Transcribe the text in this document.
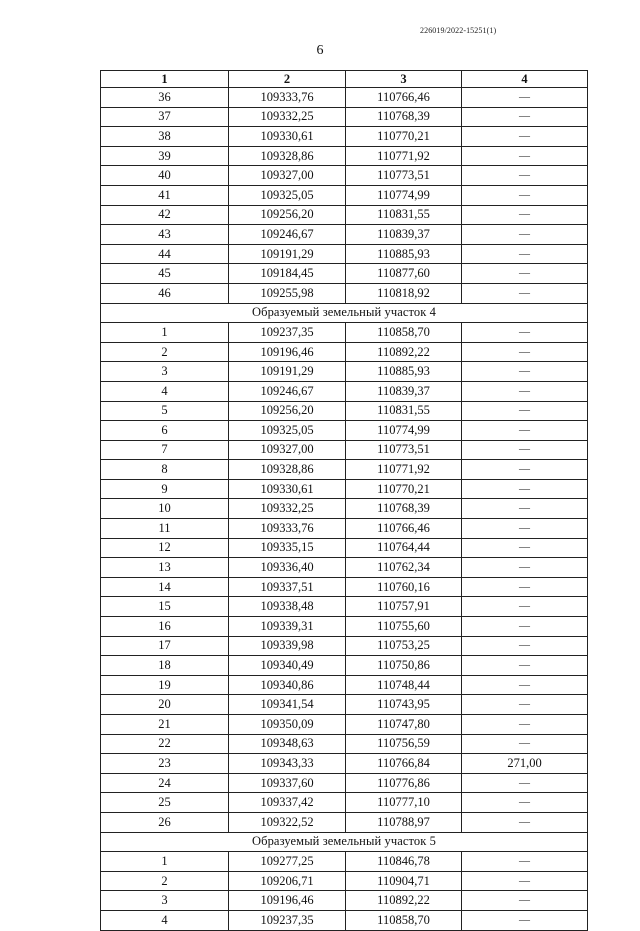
226019/2022-15251(1)
6
1	2	3	4
36	109333,76	110766,46	—
37	109332,25	110768,39	—
38	109330,61	110770,21	—
39	109328,86	110771,92	—
40	109327,00	110773,51	—
41	109325,05	110774,99	—
42	109256,20	110831,55	—
43	109246,67	110839,37	—
44	109191,29	110885,93	—
45	109184,45	110877,60	—
46	109255,98	110818,92	—
Образуемый земельный участок 4			
1	109237,35	110858,70	—
2	109196,46	110892,22	—
3	109191,29	110885,93	—
4	109246,67	110839,37	—
5	109256,20	110831,55	—
6	109325,05	110774,99	—
7	109327,00	110773,51	—
8	109328,86	110771,92	—
9	109330,61	110770,21	—
10	109332,25	110768,39	—
11	109333,76	110766,46	—
12	109335,15	110764,44	—
13	109336,40	110762,34	—
14	109337,51	110760,16	—
15	109338,48	110757,91	—
16	109339,31	110755,60	—
17	109339,98	110753,25	—
18	109340,49	110750,86	—
19	109340,86	110748,44	—
20	109341,54	110743,95	—
21	109350,09	110747,80	—
22	109348,63	110756,59	—
23	109343,33	110766,84	271,00
24	109337,60	110776,86	—
25	109337,42	110777,10	—
26	109322,52	110788,97	—
Образуемый земельный участок 5			
1	109277,25	110846,78	—
2	109206,71	110904,71	—
3	109196,46	110892,22	—
4	109237,35	110858,70	—
